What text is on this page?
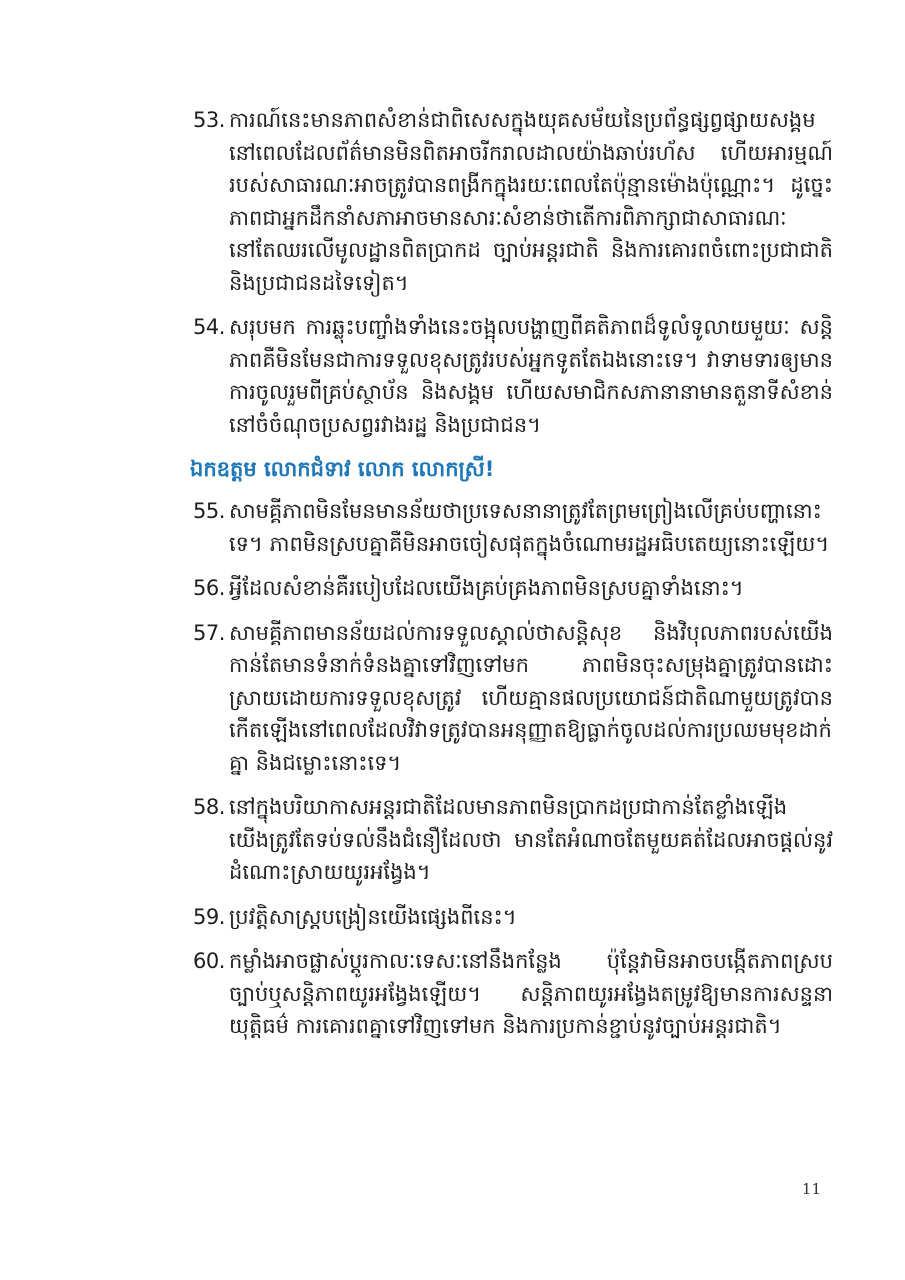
53. ការណ៍នេះមានភាពសំខាន់ជាពិសេសក្នុងយុគសម័យនៃប្រព័ន្ធផ្សព្វផ្សាយសង្គម នៅពេលដែលព័ត៌មានមិនពិតអាចរីករាលដាលយ៉ាងឆាប់រហ័ស ហើយអារម្មណ៍របស់សាធារណៈអាចត្រូវបានពង្រីកក្នុងរយៈពេលតែប៉ុន្មានម៉ោងប៉ុណ្ណោះ។ ដូច្នេះភាពជាអ្នកដឹកនាំសភាអាចមានសារៈសំខាន់ថាតើការពិភាក្សាជាសាធារណៈនៅតែឈរលើមូលដ្ឋានពិតប្រាកដ ច្បាប់អន្តរជាតិ និងការគោរពចំពោះប្រជាជាតិ និងប្រជាជនដទៃទៀត។
54. សរុបមក ការឆ្លុះបញ្ចាំងទាំងនេះចង្អុលបង្ហាញពីគតិភាពដ៏ទូលំទូលាយមួយៈ សន្តិភាពគឺមិនមែនជាការទទួលខុសត្រូវរបស់អ្នកទូតតែឯងនោះទេ។ វាទាមទារឲ្យមានការចូលរួមពីគ្រប់ស្ថាប័ន និងសង្គម ហើយសមាជិកសភានានាមានតួនាទីសំខាន់នៅចំចំណុចប្រសព្វរវាងរដ្ឋ និងប្រជាជន។
ឯកឧត្តម លោកជំទាវ លោក លោកស្រី!
55. សាមគ្គីភាពមិនមែនមានន័យថាប្រទេសនានាត្រូវតែព្រមព្រៀងលើគ្រប់បញ្ហានោះទេ។ ភាពមិនស្របគ្នាគឺមិនអាចចៀសផុតក្នុងចំណោមរដ្ឋអធិបតេយ្យនោះឡើយ។
56. អ្វីដែលសំខាន់គឺរបៀបដែលយើងគ្រប់គ្រងភាពមិនស្របគ្នាទាំងនោះ។
57. សាមគ្គីភាពមានន័យដល់ការទទួលស្គាល់ថាសន្តិសុខ និងវិបុលភាពរបស់យើងកាន់តែមានទំនាក់ទំនងគ្នាទៅវិញទៅមក ភាពមិនចុះសម្រុងគ្នាត្រូវបានដោះស្រាយដោយការទទួលខុសត្រូវ ហើយគ្មានផលប្រយោជន៍ជាតិណាមួយត្រូវបានកើតឡើងនៅពេលដែលវិវាទត្រូវបានអនុញ្ញាតឱ្យធ្លាក់ចូលដល់ការប្រឈមមុខដាក់គ្នា និងជម្លោះនោះទេ។
58. នៅក្នុងបរិយាកាសអន្តរជាតិដែលមានភាពមិនប្រាកដប្រជាកាន់តែខ្លាំងឡើង យើងត្រូវតែទប់ទល់នឹងជំនឿដែលថា មានតែអំណាចតែមួយគត់ដែលអាចផ្តល់នូវដំណោះស្រាយយូរអង្វែង។
59. ប្រវត្តិសាស្ត្របង្រៀនយើងផ្សេងពីនេះ។
60. កម្លាំងអាចផ្លាស់ប្តូរកាលៈទេសៈនៅនឹងកន្លែង ប៉ុន្តែវាមិនអាចបង្កើតភាពស្របច្បាប់ឬសន្តិភាពយូរអង្វែងឡើយ។ សន្តិភាពយូរអង្វែងតម្រូវឱ្យមានការសន្ទនា យុត្តិធម៌ ការគោរពគ្នាទៅវិញទៅមក និងការប្រកាន់ខ្ជាប់នូវច្បាប់អន្តរជាតិ។
11
